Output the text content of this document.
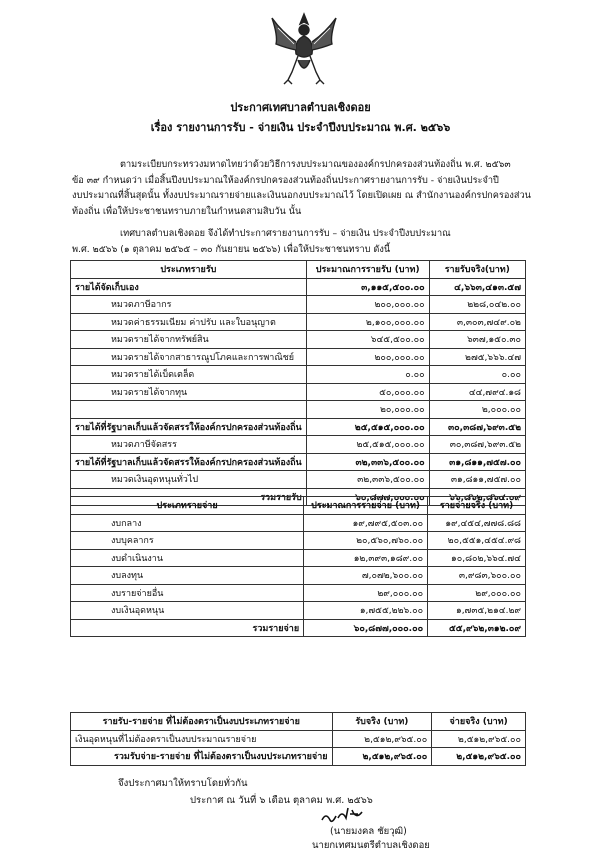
ประกาศเทศบาลตำบลเชิงดอย
เรื่อง รายงานการรับ - จ่ายเงิน ประจำปีงบประมาณ พ.ศ. ๒๕๖๖
ตามระเบียบกระทรวงมหาดไทยว่าด้วยวิธีการงบประมาณขององค์กรปกครองส่วนท้องถิ่น พ.ศ. ๒๕๖๓
ข้อ ๓๙ กำหนดว่า เมื่อสิ้นปีงบประมาณให้องค์กรปกครองส่วนท้องถิ่นประกาศรายงานการรับ - จ่ายเงินประจำปี
งบประมาณที่สิ้นสุดนั้น ทั้งงบประมาณรายจ่ายและเงินนอกงบประมาณไว้ โดยเปิดเผย ณ สำนักงานองค์กรปกครองส่วน
ท้องถิ่น เพื่อให้ประชาชนทราบภายในกำหนดสามสิบวัน นั้น
เทศบาลตำบลเชิงดอย จึงได้ทำประกาศรายงานการรับ – จ่ายเงิน ประจำปีงบประมาณ
พ.ศ. ๒๕๖๖ (๑ ตุลาคม ๒๕๖๕ – ๓๐ กันยายน ๒๕๖๖) เพื่อให้ประชาชนทราบ ดังนี้
ประเภทรายรับ	ประมาณการรายรับ (บาท)	รายรับจริง(บาท)
รายได้จัดเก็บเอง	๓,๑๑๕,๕๐๐.๐๐	๔,๖๖๓,๔๑๓.๕๗
หมวดภาษีอากร	๒๐๐,๐๐๐.๐๐	๒๒๘,๐๔๒.๐๐
หมวดค่าธรรมเนียม ค่าปรับ และใบอนุญาต	๒,๑๐๐,๐๐๐.๐๐	๓,๓๐๓,๗๔๙.๐๒
หมวดรายได้จากทรัพย์สิน	๖๔๕,๕๐๐.๐๐	๖๓๗,๑๕๐.๓๐
หมวดรายได้จากสาธารณูปโภคและการพาณิชย์	๒๐๐,๐๐๐.๐๐	๒๗๕,๖๖๖.๔๗
หมวดรายได้เบ็ดเตล็ด	๐.๐๐	๐.๐๐
หมวดรายได้จากทุน	๕๐,๐๐๐.๐๐	๔๔,๗๙๔.๑๘
	๒๐,๐๐๐.๐๐	๒,๐๐๐.๐๐
รายได้ที่รัฐบาลเก็บแล้วจัดสรรให้องค์กรปกครองส่วนท้องถิ่น	๒๕,๕๑๕,๐๐๐.๐๐	๓๐,๓๘๗,๖๙๓.๕๒
หมวดภาษีจัดสรร	๒๕,๕๑๕,๐๐๐.๐๐	๓๐,๓๘๗,๖๙๓.๕๒
รายได้ที่รัฐบาลเก็บแล้วจัดสรรให้องค์กรปกครองส่วนท้องถิ่น	๓๒,๓๓๖,๕๐๐.๐๐	๓๑,๘๑๑,๗๕๗.๐๐
หมวดเงินอุดหนุนทั่วไป	๓๒,๓๓๖,๕๐๐.๐๐	๓๑,๘๑๑,๗๕๗.๐๐
รวมรายรับ	๖๐,๘๗๗,๐๐๐.๐๐	๖๖,๘๖๒,๘๖๔.๐๙
ประเภทรายจ่าย	ประมาณการรายจ่าย (บาท)	รายจ่ายจริง (บาท)
งบกลาง	๑๙,๗๙๕,๕๐๓.๐๐	๑๙,๔๕๔,๗๗๘.๘๘
งบบุคลากร	๒๐,๕๖๐,๗๖๐.๐๐	๒๐,๕๕๑,๔๕๔.๙๘
งบดำเนินงาน	๑๒,๓๙๓,๑๘๙.๐๐	๑๐,๘๐๒,๖๖๔.๗๔
งบลงทุน	๗,๐๗๒,๖๐๐.๐๐	๓,๙๘๓,๖๐๐.๐๐
งบรายจ่ายอื่น	๒๙,๐๐๐.๐๐	๒๙,๐๐๐.๐๐
งบเงินอุดหนุน	๑,๗๕๕,๒๒๖.๐๐	๑,๗๓๕,๒๑๔.๒๙
รวมรายจ่าย	๖๐,๘๗๗,๐๐๐.๐๐	๕๕,๙๖๒,๓๑๒.๐๙
รายรับ-รายจ่าย ที่ไม่ต้องตราเป็นงบประเภทรายจ่าย	รับจริง (บาท)	จ่ายจริง (บาท)
เงินอุดหนุนที่ไม่ต้องตราเป็นงบประมาณรายจ่าย	๒,๕๑๒,๙๖๕.๐๐	๒,๕๑๒,๙๖๕.๐๐
รวมรับจ่าย-รายจ่าย ที่ไม่ต้องตราเป็นงบประเภทรายจ่าย	๒,๕๑๒,๙๖๕.๐๐	๒,๕๑๒,๙๖๕.๐๐
จึงประกาศมาให้ทราบโดยทั่วกัน
ประกาศ ณ วันที่ ๖ เดือน ตุลาคม พ.ศ. ๒๕๖๖
(นายมงคล ชัยวุฒิ)
นายกเทศมนตรีตำบลเชิงดอย
